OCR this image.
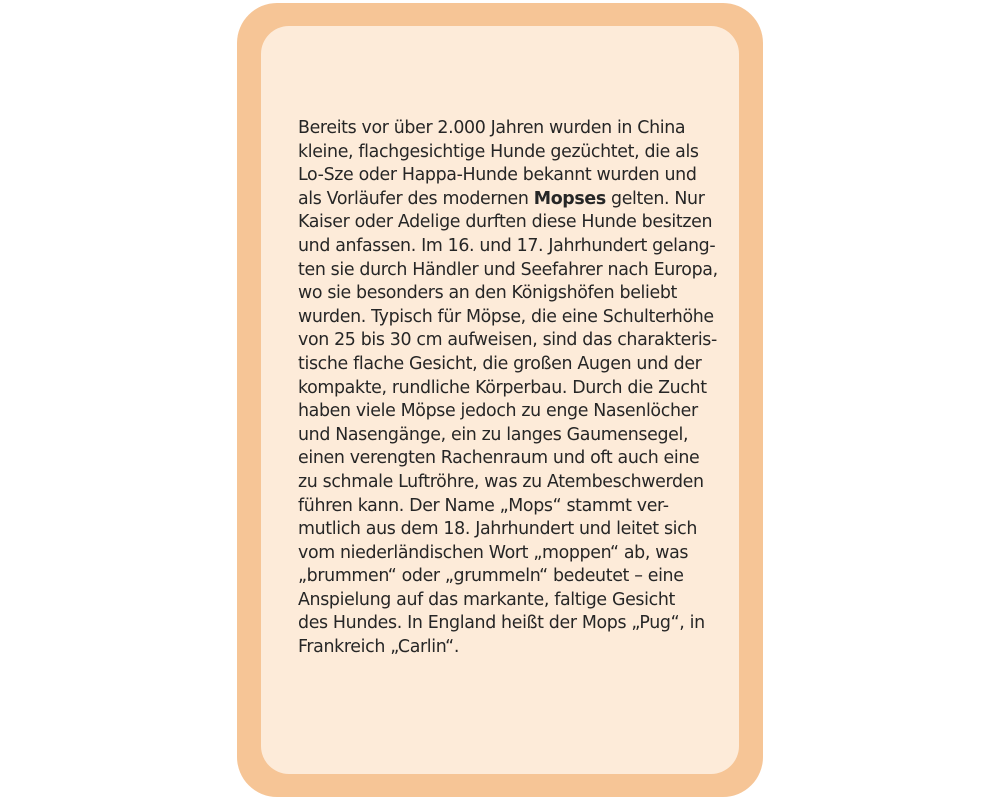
Bereits vor über 2.000 Jahren wurden in China
kleine, flachgesichtige Hunde gezüchtet, die als
Lo-Sze oder Happa-Hunde bekannt wurden und
als Vorläufer des modernen Mopses gelten. Nur
Kaiser oder Adelige durften diese Hunde besitzen
und anfassen. Im 16. und 17. Jahrhundert gelang-
ten sie durch Händler und Seefahrer nach Europa,
wo sie besonders an den Königshöfen beliebt
wurden. Typisch für Möpse, die eine Schulterhöhe
von 25 bis 30 cm aufweisen, sind das charakteris-
tische flache Gesicht, die großen Augen und der
kompakte, rundliche Körperbau. Durch die Zucht
haben viele Möpse jedoch zu enge Nasenlöcher
und Nasengänge, ein zu langes Gaumensegel,
einen verengten Rachenraum und oft auch eine
zu schmale Luftröhre, was zu Atembeschwerden
führen kann. Der Name „Mops“ stammt ver-
mutlich aus dem 18. Jahrhundert und leitet sich
vom niederländischen Wort „moppen“ ab, was
„brummen“ oder „grummeln“ bedeutet – eine
Anspielung auf das markante, faltige Gesicht
des Hundes. In England heißt der Mops „Pug“, in
Frankreich „Carlin“.
